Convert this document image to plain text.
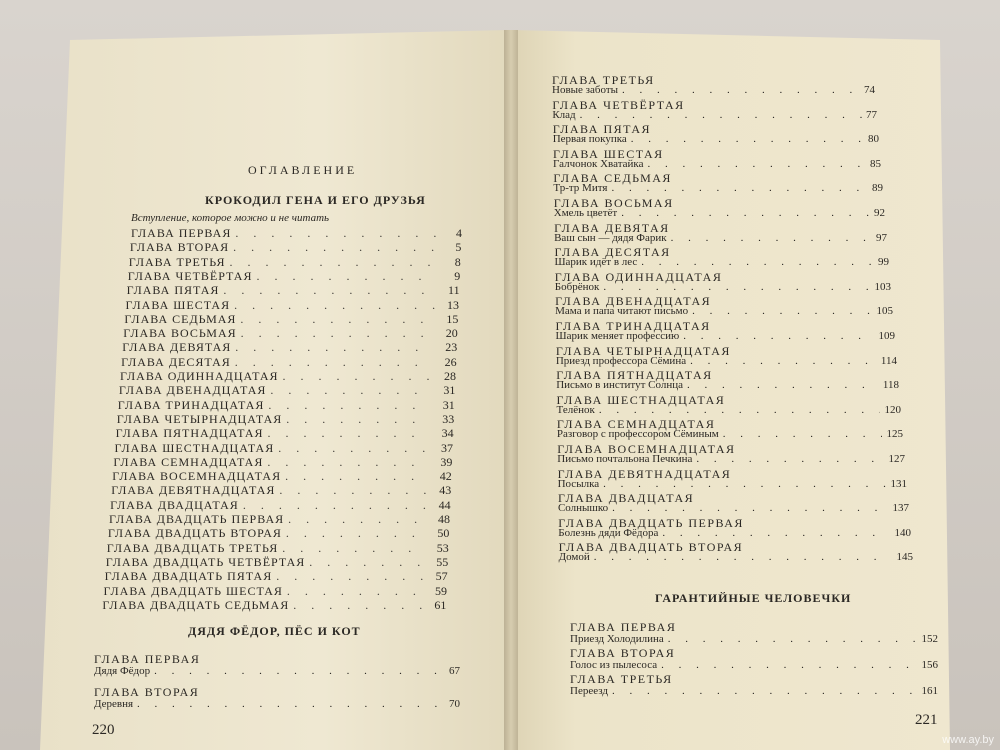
ОГЛАВЛЕНИЕ
КРОКОДИЛ ГЕНА И ЕГО ДРУЗЬЯ
Вступление, которое можно и не читать
ДЯДЯ ФЁДОР, ПЁС И КОТ
220
ГЛАВА ПЕРВАЯ . . .	4
ГЛАВА ВТОРАЯ . . .	5
ГЛАВА ТРЕТЬЯ . . .	8
ГЛАВА ЧЕТВЁРТАЯ . . .	9
ГЛАВА ПЯТАЯ . . .	11
ГЛАВА ШЕСТАЯ . . .	13
ГЛАВА СЕДЬМАЯ . . .	15
ГЛАВА ВОСЬМАЯ . . .	20
ГЛАВА ДЕВЯТАЯ . . .	23
ГЛАВА ДЕСЯТАЯ . . .	26
ГЛАВА ОДИННАДЦАТАЯ . . .	28
ГЛАВА ДВЕНАДЦАТАЯ . . .	31
ГЛАВА ТРИНАДЦАТАЯ . . .	31
ГЛАВА ЧЕТЫРНАДЦАТАЯ . . .	33
ГЛАВА ПЯТНАДЦАТАЯ . . .	34
ГЛАВА ШЕСТНАДЦАТАЯ . . .	37
ГЛАВА СЕМНАДЦАТАЯ . . .	39
ГЛАВА ВОСЕМНАДЦАТАЯ . . .	42
ГЛАВА ДЕВЯТНАДЦАТАЯ . . .	43
ГЛАВА ДВАДЦАТАЯ . . .	44
ГЛАВА ДВАДЦАТЬ ПЕРВАЯ . . .	48
ГЛАВА ДВАДЦАТЬ ВТОРАЯ . . .	50
ГЛАВА ДВАДЦАТЬ ТРЕТЬЯ . . .	53
ГЛАВА ДВАДЦАТЬ ЧЕТВЁРТАЯ . . .	55
ГЛАВА ДВАДЦАТЬ ПЯТАЯ . . .	57
ГЛАВА ДВАДЦАТЬ ШЕСТАЯ . . .	59
ГЛАВА ДВАДЦАТЬ СЕДЬМАЯ . . .	61
ГЛАВА ПЕРВАЯ
Дядя Фёдор . . .	67
ГЛАВА ВТОРАЯ
Деревня . . .	70
ГАРАНТИЙНЫЕ ЧЕЛОВЕЧКИ
221
ГЛАВА ТРЕТЬЯ
Новые заботы . . .	74
ГЛАВА ЧЕТВЁРТАЯ
Клад . . .	77
ГЛАВА ПЯТАЯ
Первая покупка . . .	80
ГЛАВА ШЕСТАЯ
Галчонок Хватайка . . .	85
ГЛАВА СЕДЬМАЯ
Тр-тр Митя . . .	89
ГЛАВА ВОСЬМАЯ
Хмель цветёт . . .	92
ГЛАВА ДЕВЯТАЯ
Ваш сын — дядя Фарик . . .	97
ГЛАВА ДЕСЯТАЯ
Шарик идёт в лес . . .	99
ГЛАВА ОДИННАДЦАТАЯ
Бобрёнок . . .	103
ГЛАВА ДВЕНАДЦАТАЯ
Мама и папа читают письмо . . .	105
ГЛАВА ТРИНАДЦАТАЯ
Шарик меняет профессию . . .	109
ГЛАВА ЧЕТЫРНАДЦАТАЯ
Приезд профессора Сёмина . . .	114
ГЛАВА ПЯТНАДЦАТАЯ
Письмо в институт Солнца . . .	118
ГЛАВА ШЕСТНАДЦАТАЯ
Телёнок . . .	120
ГЛАВА СЕМНАДЦАТАЯ
Разговор с профессором Сёминым . . .	125
ГЛАВА ВОСЕМНАДЦАТАЯ
Письмо почтальона Печкина . . .	127
ГЛАВА ДЕВЯТНАДЦАТАЯ
Посылка . . .	131
ГЛАВА ДВАДЦАТАЯ
Солнышко . . .	137
ГЛАВА ДВАДЦАТЬ ПЕРВАЯ
Болезнь дяди Фёдора . . .	140
ГЛАВА ДВАДЦАТЬ ВТОРАЯ
Домой . . .	145
ГЛАВА ПЕРВАЯ
Приезд Холодилина . . .	152
ГЛАВА ВТОРАЯ
Голос из пылесоса . . .	156
ГЛАВА ТРЕТЬЯ
Переезд . . .	161
www.ay.by
